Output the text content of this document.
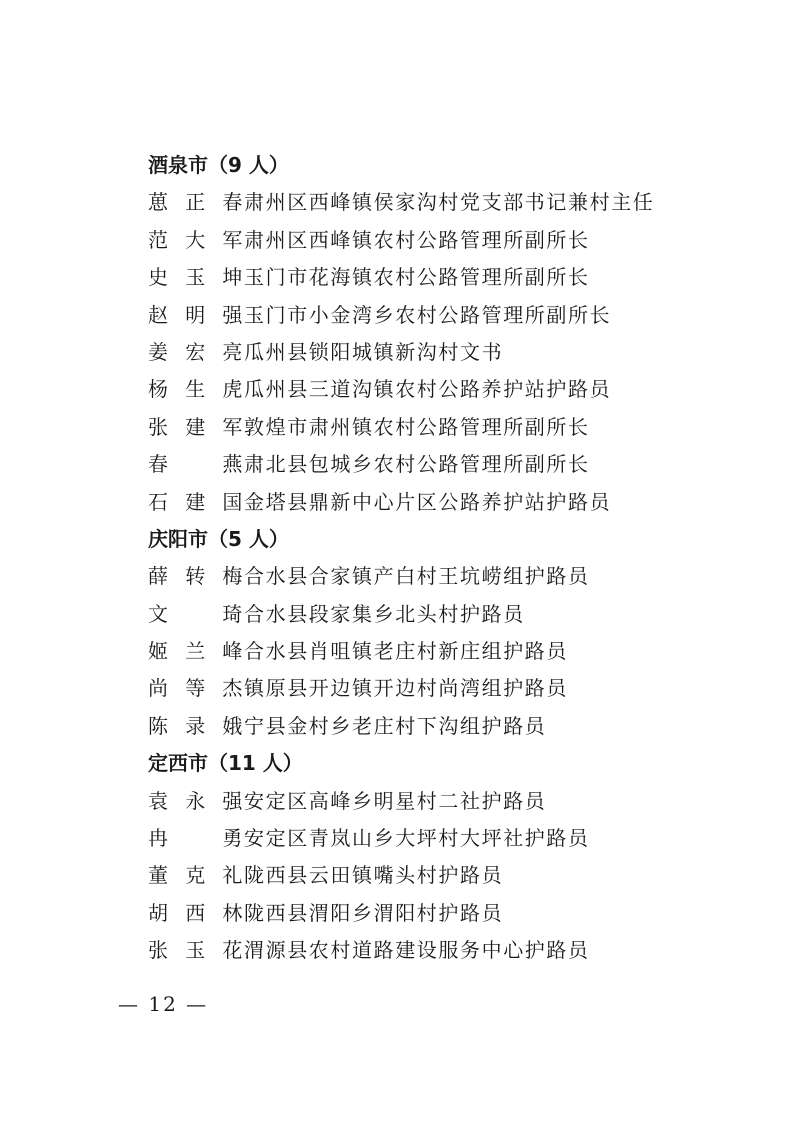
酒泉市（9 人）
葸正春 肃州区西峰镇侯家沟村党支部书记兼村主任
范大军 肃州区西峰镇农村公路管理所副所长
史玉坤 玉门市花海镇农村公路管理所副所长
赵明强 玉门市小金湾乡农村公路管理所副所长
姜宏亮 瓜州县锁阳城镇新沟村文书
杨生虎 瓜州县三道沟镇农村公路养护站护路员
张建军 敦煌市肃州镇农村公路管理所副所长
春燕 肃北县包城乡农村公路管理所副所长
石建国 金塔县鼎新中心片区公路养护站护路员
庆阳市（5 人）
薛转梅 合水县合家镇产白村王坑崂组护路员
文琦 合水县段家集乡北头村护路员
姬兰峰 合水县肖咀镇老庄村新庄组护路员
尚等杰 镇原县开边镇开边村尚湾组护路员
陈录娥 宁县金村乡老庄村下沟组护路员
定西市（11 人）
袁永强 安定区高峰乡明星村二社护路员
冉勇 安定区青岚山乡大坪村大坪社护路员
董克礼 陇西县云田镇嘴头村护路员
胡西林 陇西县渭阳乡渭阳村护路员
张玉花 渭源县农村道路建设服务中心护路员
— 12 —
